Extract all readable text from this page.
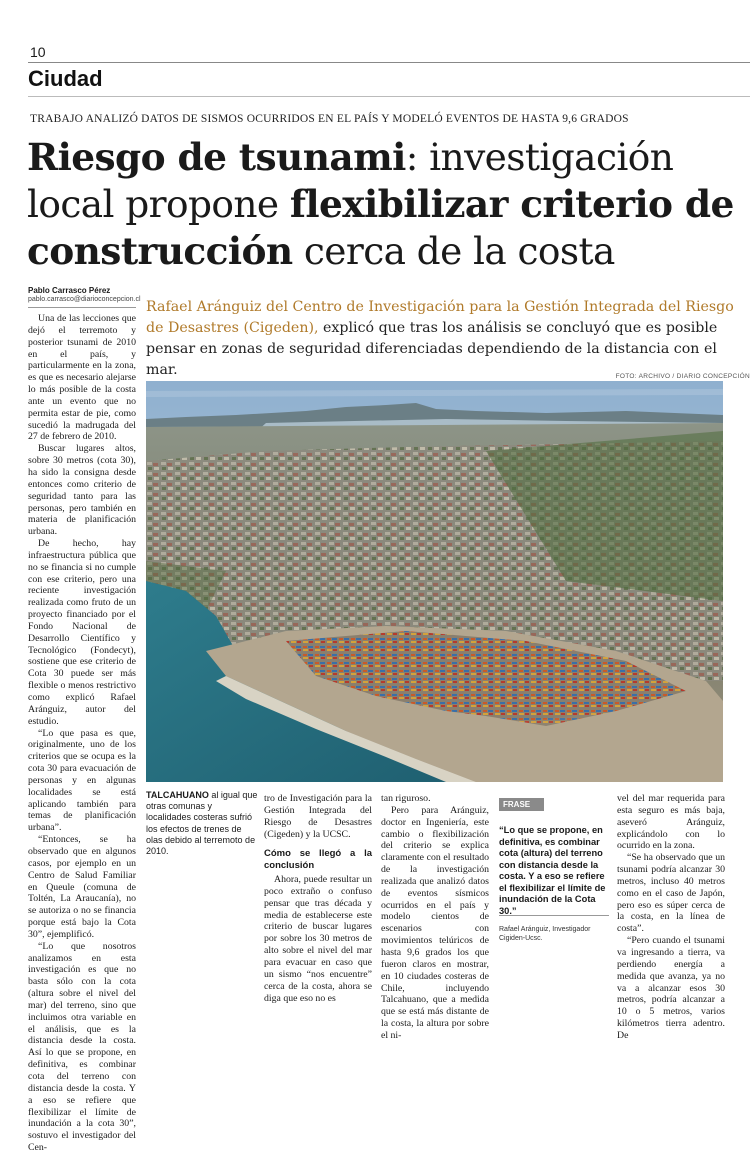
10
Ciudad
TRABAJO ANALIZÓ DATOS DE SISMOS OCURRIDOS EN EL PAÍS Y MODELÓ EVENTOS DE HASTA 9,6 GRADOS
Riesgo de tsunami: investigación local propone flexibilizar criterio de construcción cerca de la costa
Pablo Carrasco Pérez
pablo.carrasco@diarioconcepcion.cl Rafael Aránguiz del Centro de Investigación para la Gestión Integrada del Riesgo de Desastres (Cigeden), explicó que tras los análisis se concluyó que es posible pensar en zonas de seguridad diferenciadas dependiendo de la distancia con el mar.	FOTO: ARCHIVO / DIARIO CONCEPCIÓN

Una de las lecciones que dejó el terremoto y posterior tsunami de 2010 en el país, y particularmente en la zona, es que es necesario alejarse lo más posible de la costa ante un evento que no permita estar de pie, como sucedió la madrugada del 27 de febrero de 2010.

Buscar lugares altos, sobre 30 metros (cota 30), ha sido la consigna desde entonces como criterio de seguridad tanto para las personas, pero también en materia de planificación urbana.

De hecho, hay infraestructura pública que no se financia si no cumple con ese criterio, pero una reciente investigación realizada como fruto de un proyecto financiado por el Fondo Nacional de Desarrollo Científico y Tecnológico (Fondecyt), sostiene que ese criterio de Cota 30 puede ser más flexible o menos restrictivo como explicó Rafael Aránguiz, autor del estudio.

“Lo que pasa es que, originalmente, uno de los criterios que se ocupa es la cota 30 para evacuación de personas y en algunas localidades se está aplicando también para temas de planificación urbana”.

“Entonces, se ha observado que en algunos casos, por ejemplo en un Centro de Salud Familiar en Queule (comuna de Toltén, La Araucanía), no se autoriza o no se financia porque está bajo la Cota 30”, ejemplificó.

“Lo que nosotros analizamos en esta investigación es que no basta sólo con la cota (altura sobre el nivel del mar) del terreno, sino que incluimos otra variable en el análisis, que es la distancia desde la costa. Así lo que se propone, en definitiva, es combinar cota del terreno con distancia desde la costa. Y a eso se refiere que flexibilizar el límite de inundación a la cota 30”, sostuvo el investigador del Cen-

TALCAHUANO al igual que otras comunas y localidades costeras sufrió los efectos de trenes de olas debido al terremoto de 2010.

tro de Investigación para la Gestión Integrada del Riesgo de Desastres (Cigeden) y la UCSC.

Cómo se llegó a la conclusión

Ahora, puede resultar un poco extraño o confuso pensar que tras década y media de establecerse este criterio de buscar lugares por sobre los 30 metros de alto sobre el nivel del mar para evacuar en caso que un sismo “nos encuentre” cerca de la costa, ahora se diga que eso no es

tan riguroso.

Pero para Aránguiz, doctor en Ingeniería, este cambio o flexibilización del criterio se explica claramente con el resultado de la investigación realizada que analizó datos de eventos sísmicos ocurridos en el país y modelo cientos de escenarios con movimientos telúricos de hasta 9,6 grados los que fueron claros en mostrar, en 10 ciudades costeras de Chile, incluyendo Talcahuano, que a medida que se está más distante de la costa, la altura por sobre el ni-

FRASE
“Lo que se propone, en definitiva, es combinar cota (altura) del terreno con distancia desde la costa. Y a eso se refiere el flexibilizar el límite de inundación de la Cota 30.”
Rafael Aránguiz, Investigador Cigiden-Ucsc.

vel del mar requerida para esta seguro es más baja, aseveró Aránguiz, explicándolo con lo ocurrido en la zona.

“Se ha observado que un tsunami podría alcanzar 30 metros, incluso 40 metros como en el caso de Japón, pero eso es súper cerca de la costa, en la línea de costa”.

“Pero cuando el tsunami va ingresando a tierra, va perdiendo energía a medida que avanza, ya no va a alcanzar esos 30 metros, podría alcanzar a 10 o 5 metros, varios kilómetros tierra adentro. De
